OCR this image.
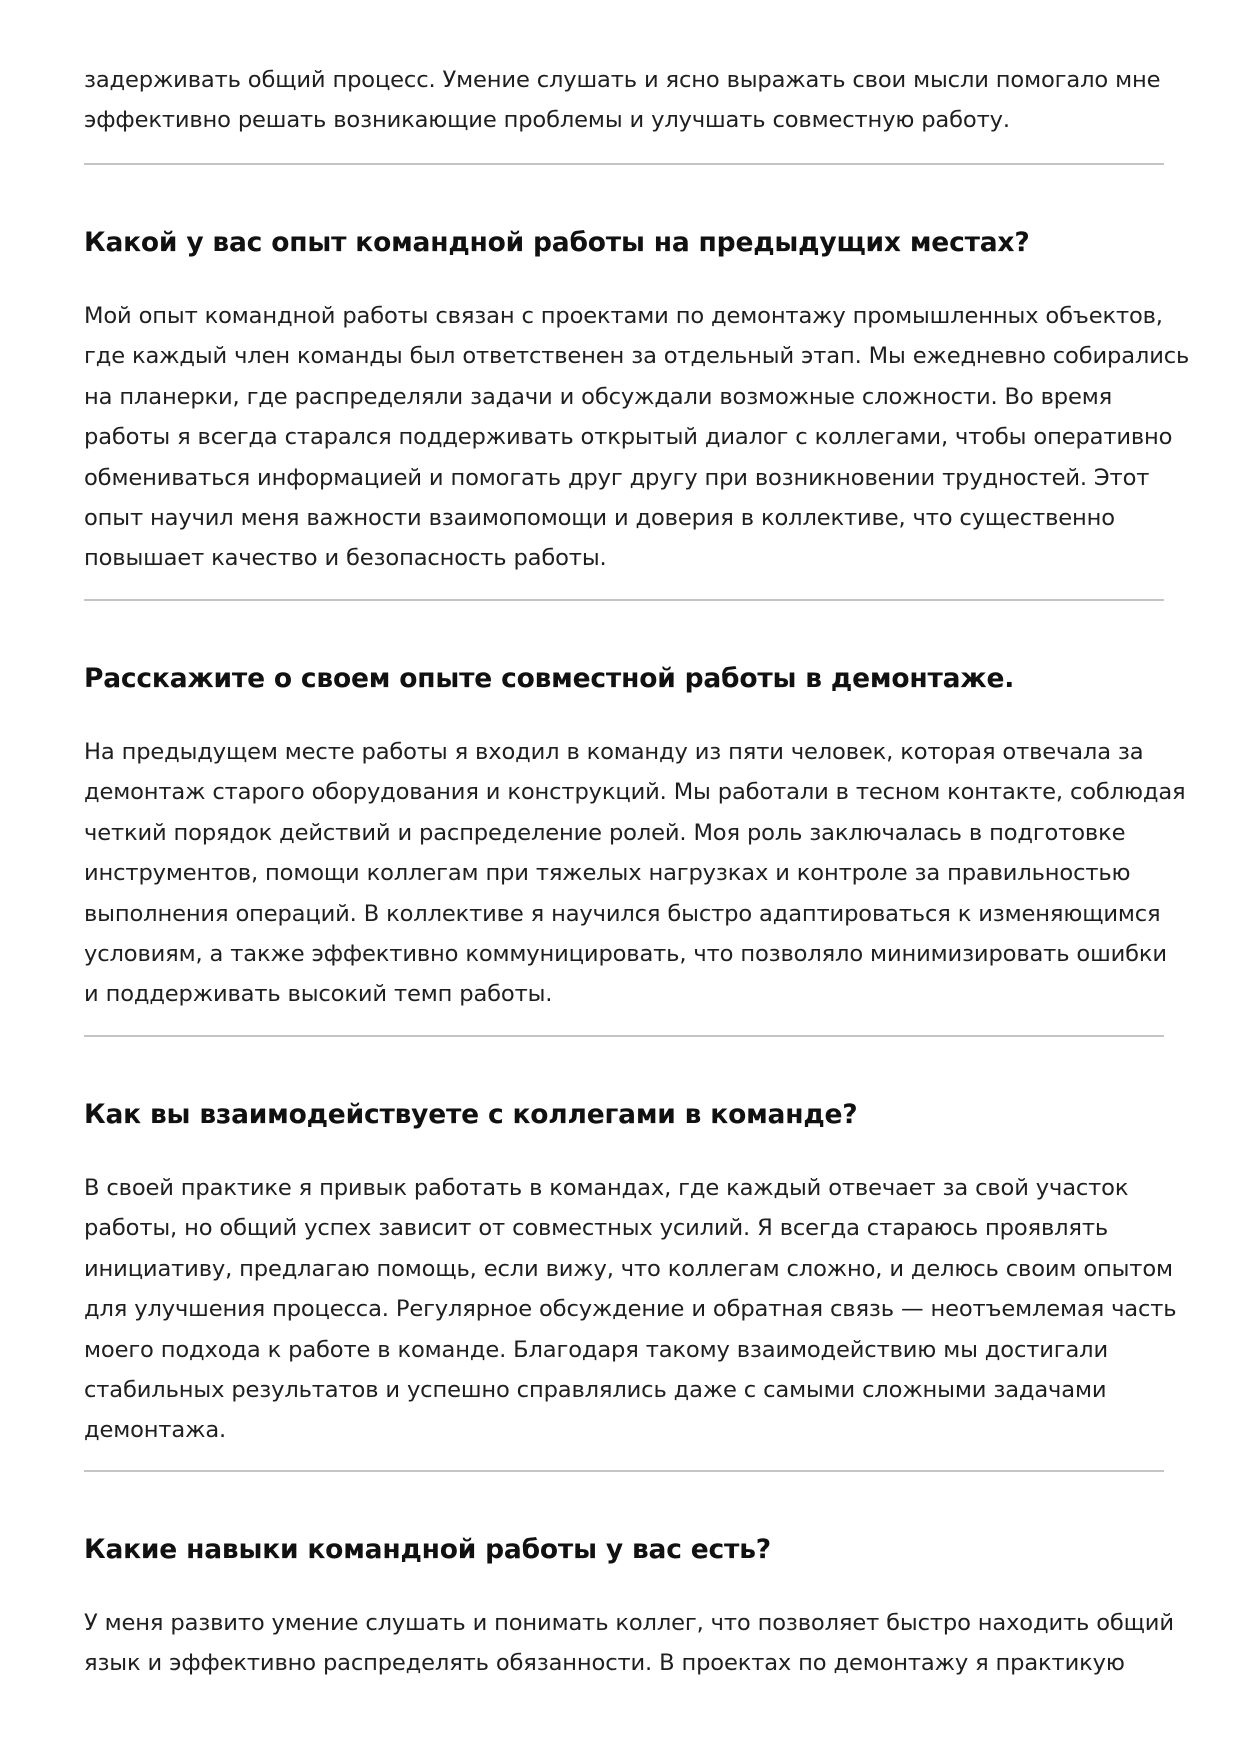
задерживать общий процесс. Умение слушать и ясно выражать свои мысли помогало мне
эффективно решать возникающие проблемы и улучшать совместную работу.

Какой у вас опыт командной работы на предыдущих местах?

Мой опыт командной работы связан с проектами по демонтажу промышленных объектов,
где каждый член команды был ответственен за отдельный этап. Мы ежедневно собирались
на планерки, где распределяли задачи и обсуждали возможные сложности. Во время
работы я всегда старался поддерживать открытый диалог с коллегами, чтобы оперативно
обмениваться информацией и помогать друг другу при возникновении трудностей. Этот
опыт научил меня важности взаимопомощи и доверия в коллективе, что существенно
повышает качество и безопасность работы.

Расскажите о своем опыте совместной работы в демонтаже.

На предыдущем месте работы я входил в команду из пяти человек, которая отвечала за
демонтаж старого оборудования и конструкций. Мы работали в тесном контакте, соблюдая
четкий порядок действий и распределение ролей. Моя роль заключалась в подготовке
инструментов, помощи коллегам при тяжелых нагрузках и контроле за правильностью
выполнения операций. В коллективе я научился быстро адаптироваться к изменяющимся
условиям, а также эффективно коммуницировать, что позволяло минимизировать ошибки
и поддерживать высокий темп работы.

Как вы взаимодействуете с коллегами в команде?

В своей практике я привык работать в командах, где каждый отвечает за свой участок
работы, но общий успех зависит от совместных усилий. Я всегда стараюсь проявлять
инициативу, предлагаю помощь, если вижу, что коллегам сложно, и делюсь своим опытом
для улучшения процесса. Регулярное обсуждение и обратная связь — неотъемлемая часть
моего подхода к работе в команде. Благодаря такому взаимодействию мы достигали
стабильных результатов и успешно справлялись даже с самыми сложными задачами
демонтажа.

Какие навыки командной работы у вас есть?

У меня развито умение слушать и понимать коллег, что позволяет быстро находить общий
язык и эффективно распределять обязанности. В проектах по демонтажу я практикую
